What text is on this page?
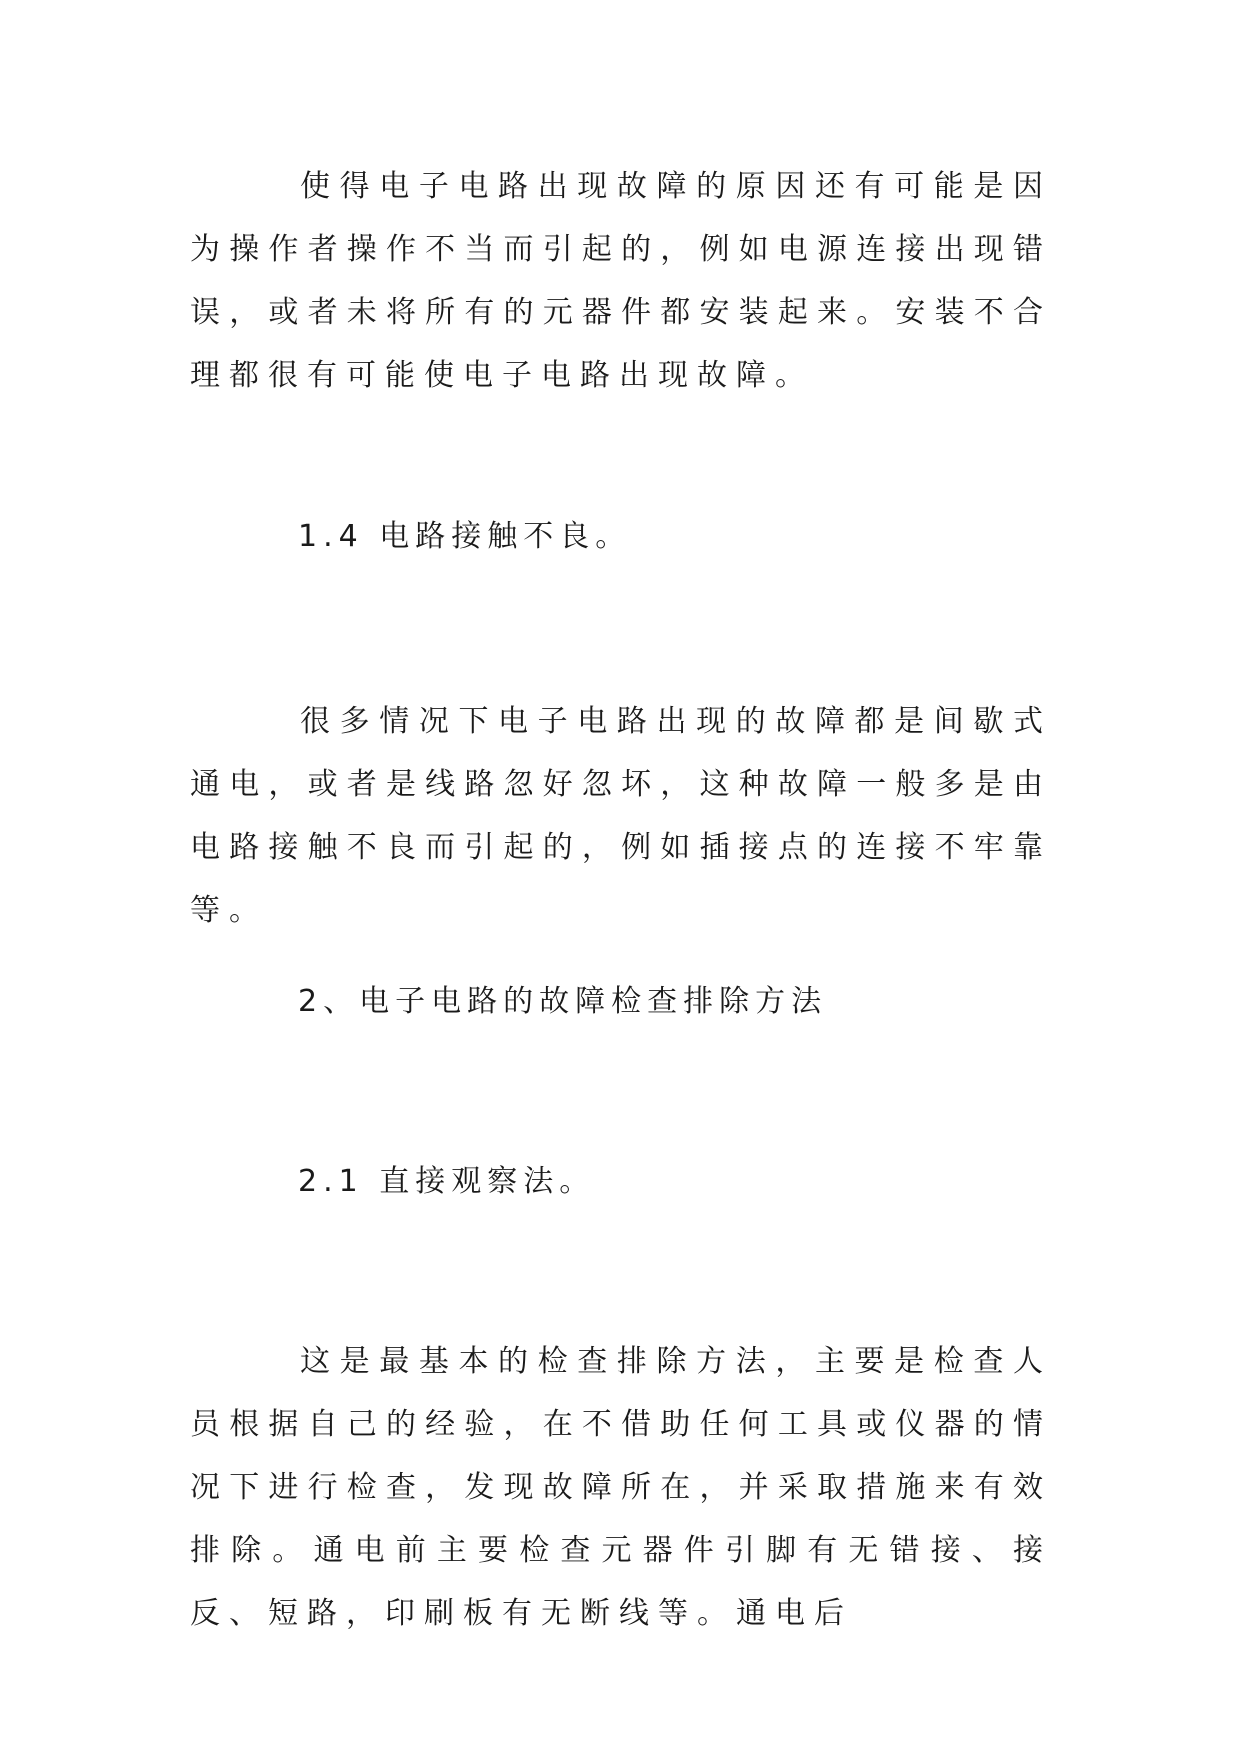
使得电子电路出现故障的原因还有可能是因为操作者操作不当而引起的，例如电源连接出现错误，或者未将所有的元器件都安装起来。安装不合理都很有可能使电子电路出现故障。

1.4 电路接触不良。

很多情况下电子电路出现的故障都是间歇式通电，或者是线路忽好忽坏，这种故障一般多是由电路接触不良而引起的，例如插接点的连接不牢靠等。

2、电子电路的故障检查排除方法

2.1 直接观察法。

这是最基本的检查排除方法，主要是检查人员根据自己的经验，在不借助任何工具或仪器的情况下进行检查，发现故障所在，并采取措施来有效排除。通电前主要检查元器件引脚有无错接、接反、短路，印刷板有无断线等。通电后
